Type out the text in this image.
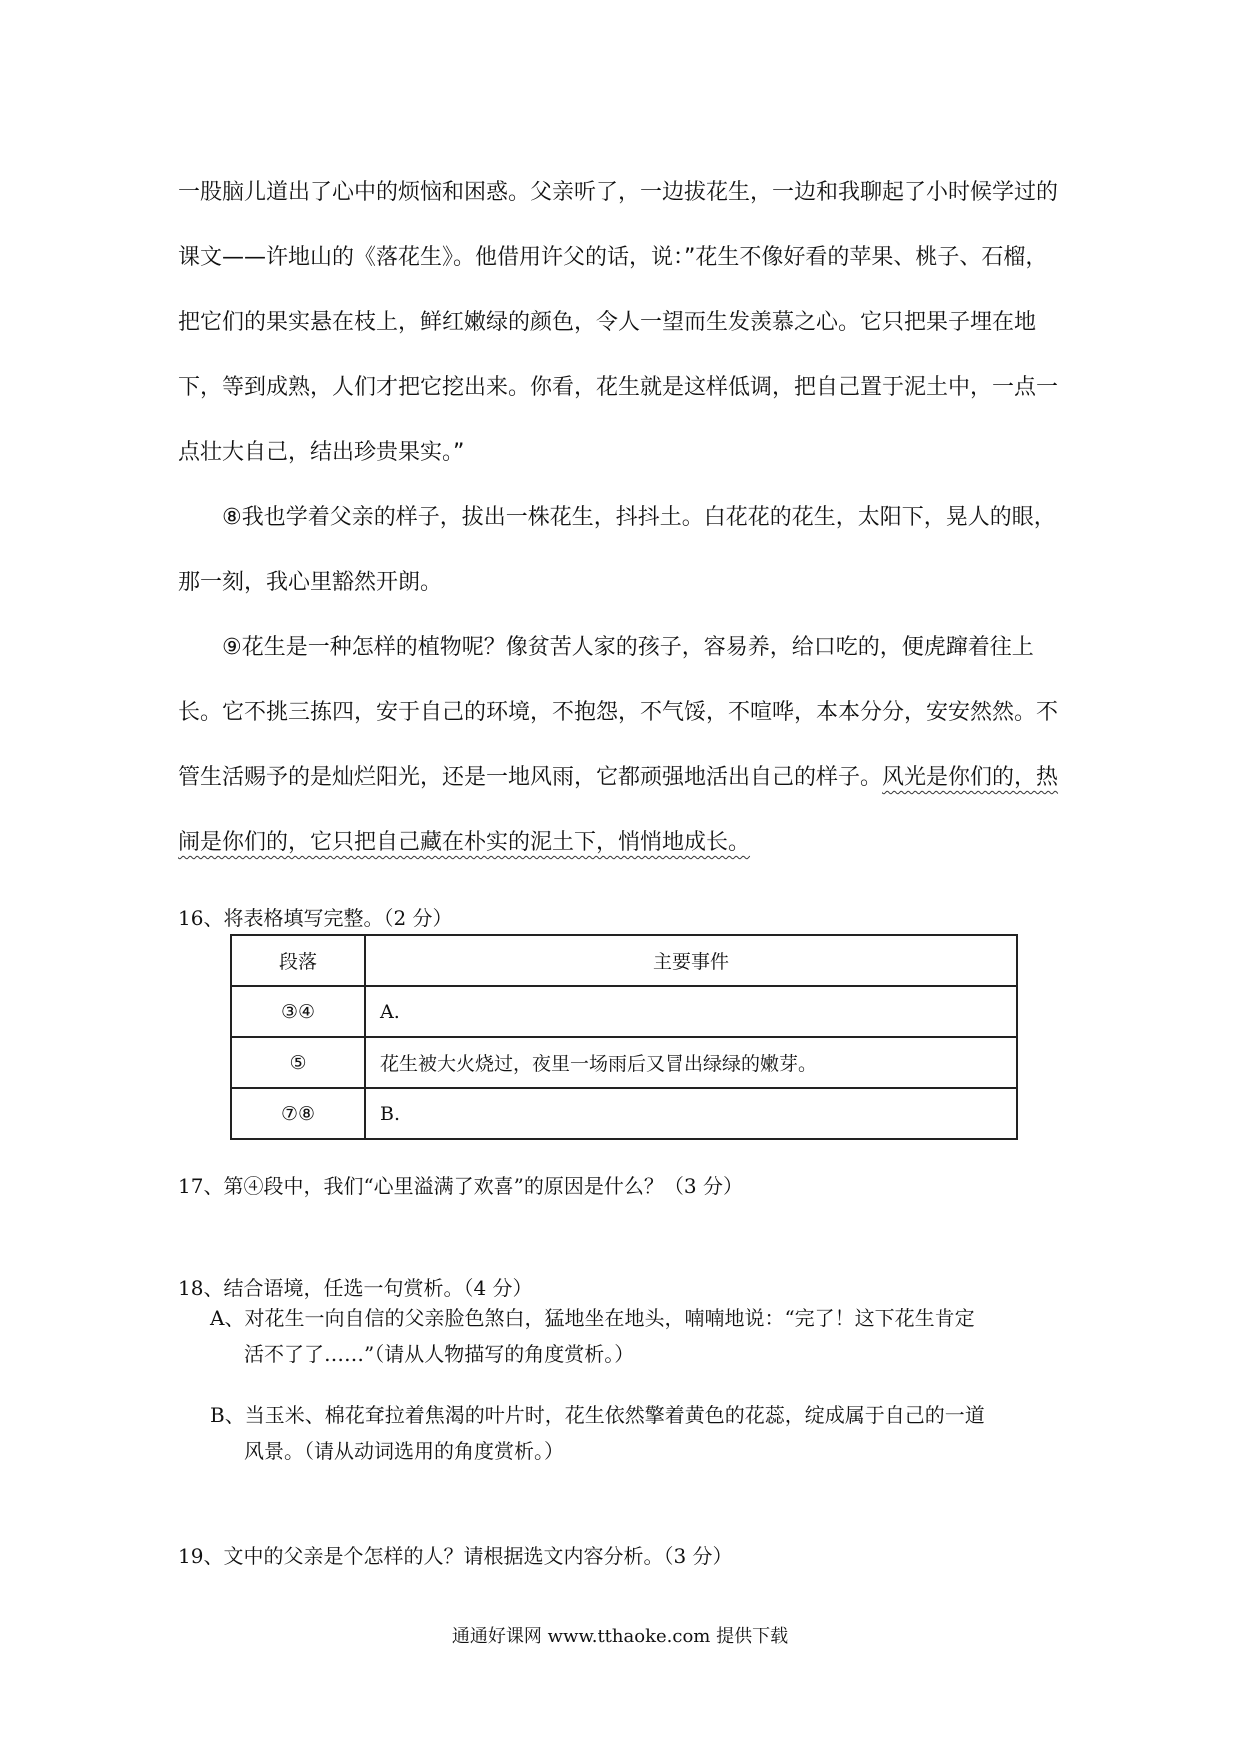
一股脑儿道出了心中的烦恼和困惑。父亲听了，一边拔花生，一边和我聊起了小时候学过的课文——许地山的《落花生》。他借用许父的话，说：”花生不像好看的苹果、桃子、石榴，把它们的果实悬在枝上，鲜红嫩绿的颜色，令人一望而生发羡慕之心。它只把果子埋在地下，等到成熟，人们才把它挖出来。你看，花生就是这样低调，把自己置于泥土中，一点一点壮大自己，结出珍贵果实。”

⑧我也学着父亲的样子，拔出一株花生，抖抖土。白花花的花生，太阳下，晃人的眼，那一刻，我心里豁然开朗。

⑨花生是一种怎样的植物呢？像贫苦人家的孩子，容易养，给口吃的，便虎蹿着往上长。它不挑三拣四，安于自己的环境，不抱怨，不气馁，不喧哗，本本分分，安安然然。不管生活赐予的是灿烂阳光，还是一地风雨，它都顽强地活出自己的样子。风光是你们的，热闹是你们的，它只把自己藏在朴实的泥土下，悄悄地成长。

16、将表格填写完整。（2 分）
段落	主要事件
③④	A.
⑤	花生被大火烧过，夜里一场雨后又冒出绿绿的嫩芽。
⑦⑧	B.
17、第④段中，我们“心里溢满了欢喜”的原因是什么？（3 分）
18、结合语境，任选一句赏析。（4 分）
A、对花生一向自信的父亲脸色煞白，猛地坐在地头，喃喃地说：“完了！这下花生肯定
活不了了……”（请从人物描写的角度赏析。）
B、当玉米、棉花耷拉着焦渴的叶片时，花生依然擎着黄色的花蕊，绽成属于自己的一道
风景。（请从动词选用的角度赏析。）
19、文中的父亲是个怎样的人？请根据选文内容分析。（3 分）
通通好课网 www.tthaoke.com 提供下载
